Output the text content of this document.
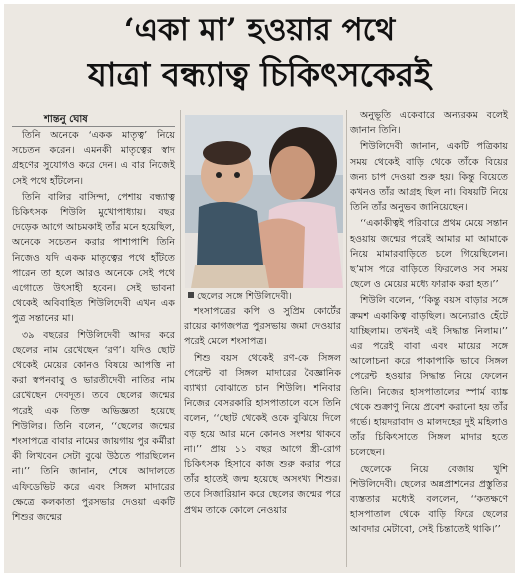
‘একা মা’ হওয়ার পথে
যাত্রা বন্ধ্যাত্ব চিকিৎসকেরই
শান্তনু ঘোষ

তিনি অনেকে ‘একক মাতৃত্ব’ নিয়ে সচেতন করেন। এমনকী মাতৃত্বের স্বাদ গ্রহণের সুযোগও করে দেন। এ বার নিজেই সেই পথে হাঁটলেন।

তিনি বালির বাসিন্দা, পেশায় বন্ধ্যাত্ব চিকিৎসক শিউলি মুখোপাধ্যায়। বছর দেড়েক আগে আচমকাই তাঁর মনে হয়েছিল, অনেকে সচেতন করার পাশাপাশি তিনি নিজেও যদি একক মাতৃত্বের পথে হাঁটতে পারেন তা হলে আরও অনেকে সেই পথে এগোতে উৎসাহী হবেন। সেই ভাবনা থেকেই অবিবাহিত শিউলিদেবী এখন এক পুত্র সন্তানের মা।

৩৯ বছরের শিউলিদেবী আদর করে ছেলের নাম রেখেছেন ‘রণ’। যদিও ছোট থেকেই মেয়ের কোনও বিষয়ে আপত্তি না করা স্বপনবাবু ও ভারতীদেবী নাতির নাম রেখেছেন দেবদূত। তবে ছেলের জন্মের পরেই এক তিক্ত অভিজ্ঞতা হয়েছে শিউলির। তিনি বলেন, ‘‘ছেলের জন্মের শংসাপত্রে বাবার নামের জায়গায় পুর কর্মীরা কী লিখবেন সেটা বুঝে উঠতে পারছিলেন না।’’ তিনি জানান, শেষে আদালতে এফিডেভিট করে এবং সিঙ্গল মাদারের ক্ষেত্রে কলকাতা পুরসভার দেওয়া একটি শিশুর জন্মের

ছেলের সঙ্গে শিউলিদেবী।

শংসাপত্রের কপি ও সুপ্রিম কোর্টের রায়ের কাগজপত্র পুরসভায় জমা দেওয়ার পরেই মেলে শংসাপত্র।

শিশু বয়স থেকেই রণ-কে সিঙ্গল পেরেন্ট বা সিঙ্গল মাদারের বৈজ্ঞানিক ব্যাখ্যা বোঝাতে চান শিউলি। শনিবার নিজের বেসরকারি হাসপাতালে বসে তিনি বলেন, ‘‘ছোট থেকেই ওকে বুঝিয়ে দিলে বড় হয়ে আর মনে কোনও সংশয় থাকবে না।’’ প্রায় ১১ বছর আগে স্ত্রী-রোগ চিকিৎসক হিসাবে কাজ শুরু করার পরে তাঁর হাতেই জন্ম হয়েছে অসংখ্য শিশুর। তবে সিজারিয়ান করে ছেলের জন্মের পরে প্রথম তাকে কোলে নেওয়ার

অনুভূতি একেবারে অন্যরকম বলেই জানান তিনি।

শিউলিদেবী জানান, একটি পত্রিকায় সময় থেকেই বাড়ি থেকে তাঁকে বিয়ের জন্য চাপ দেওয়া শুরু হয়। কিন্তু বিয়েতে কখনও তাঁর আগ্রহ ছিল না। বিষয়টি নিয়ে তিনি তাঁর অনুভব জানিয়েছেন।

‘‘একাকীত্বই পরিবারে প্রথম মেয়ে সন্তান হওয়ায় জন্মের পরেই আমার মা আমাকে নিয়ে মামারবাড়িতে চলে গিয়েছিলেন। ছ’মাস পরে বাড়িতে ফিরলেও সব সময় ছেলে ও মেয়ের মধ্যে ফারাক করা হত।’’

শিউলি বলেন, ‘‘কিন্তু বয়স বাড়ার সঙ্গে ক্রমশ একাকিত্ব বাড়ছিল। অন্যেরাও হেঁটে যাচ্ছিলাম। তখনই এই সিদ্ধান্ত নিলাম।’’ এর পরেই বাবা এবং মায়ের সঙ্গে আলোচনা করে পাকাপাকি ভাবে সিঙ্গল পেরেন্ট হওয়ার সিদ্ধান্ত নিয়ে ফেলেন তিনি। নিজের হাসপাতালের স্পার্ম ব্যাঙ্ক থেকে শুক্রাণু নিয়ে প্রবেশ করানো হয় তাঁর গর্ভে। হায়দরাবাদ ও মালদহের দুই মহিলাও তাঁর চিকিৎসাতে সিঙ্গল মাদার হতে চলেছেন।

ছেলেকে নিয়ে বেজায় খুশি শিউলিদেবী। ছেলের অন্নপ্রাশনের প্রস্তুতির ব্যস্ততার মধ্যেই বললেন, ‘‘কতক্ষণে হাসপাতাল থেকে বাড়ি ফিরে ছেলের আবদার মেটাবো, সেই চিন্তাতেই থাকি।’’
